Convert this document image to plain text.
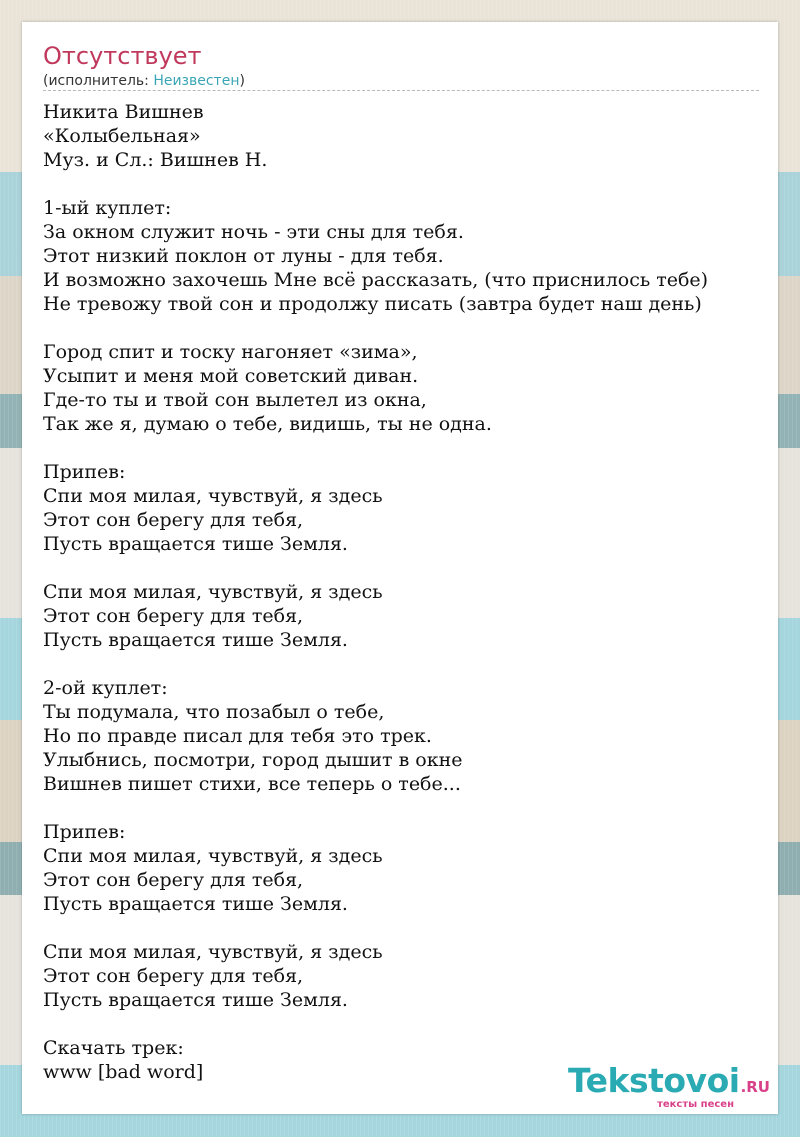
Отсутствует
(исполнитель: Неизвестен)
Никита Вишнев
«Колыбельная»
Муз. и Сл.: Вишнев Н.
1-ый куплет:
За окном служит ночь - эти сны для тебя.
Этот низкий поклон от луны - для тебя.
И возможно захочешь Мне всё рассказать, (что приснилось тебе)
Не тревожу твой сон и продолжу писать (завтра будет наш день)
Город спит и тоску нагоняет «зима»,
Усыпит и меня мой советский диван.
Где-то ты и твой сон вылетел из окна,
Так же я, думаю о тебе, видишь, ты не одна.
Припев:
Спи моя милая, чувствуй, я здесь
Этот сон берегу для тебя,
Пусть вращается тише Земля.
Спи моя милая, чувствуй, я здесь
Этот сон берегу для тебя,
Пусть вращается тише Земля.
2-ой куплет:
Ты подумала, что позабыл о тебе,
Но по правде писал для тебя это трек.
Улыбнись, посмотри, город дышит в окне
Вишнев пишет стихи, все теперь о тебе...
Припев:
Спи моя милая, чувствуй, я здесь
Этот сон берегу для тебя,
Пусть вращается тише Земля.
Спи моя милая, чувствуй, я здесь
Этот сон берегу для тебя,
Пусть вращается тише Земля.
Скачать трек:
www [bad word]	Tekstovoi.RU
тексты песен
